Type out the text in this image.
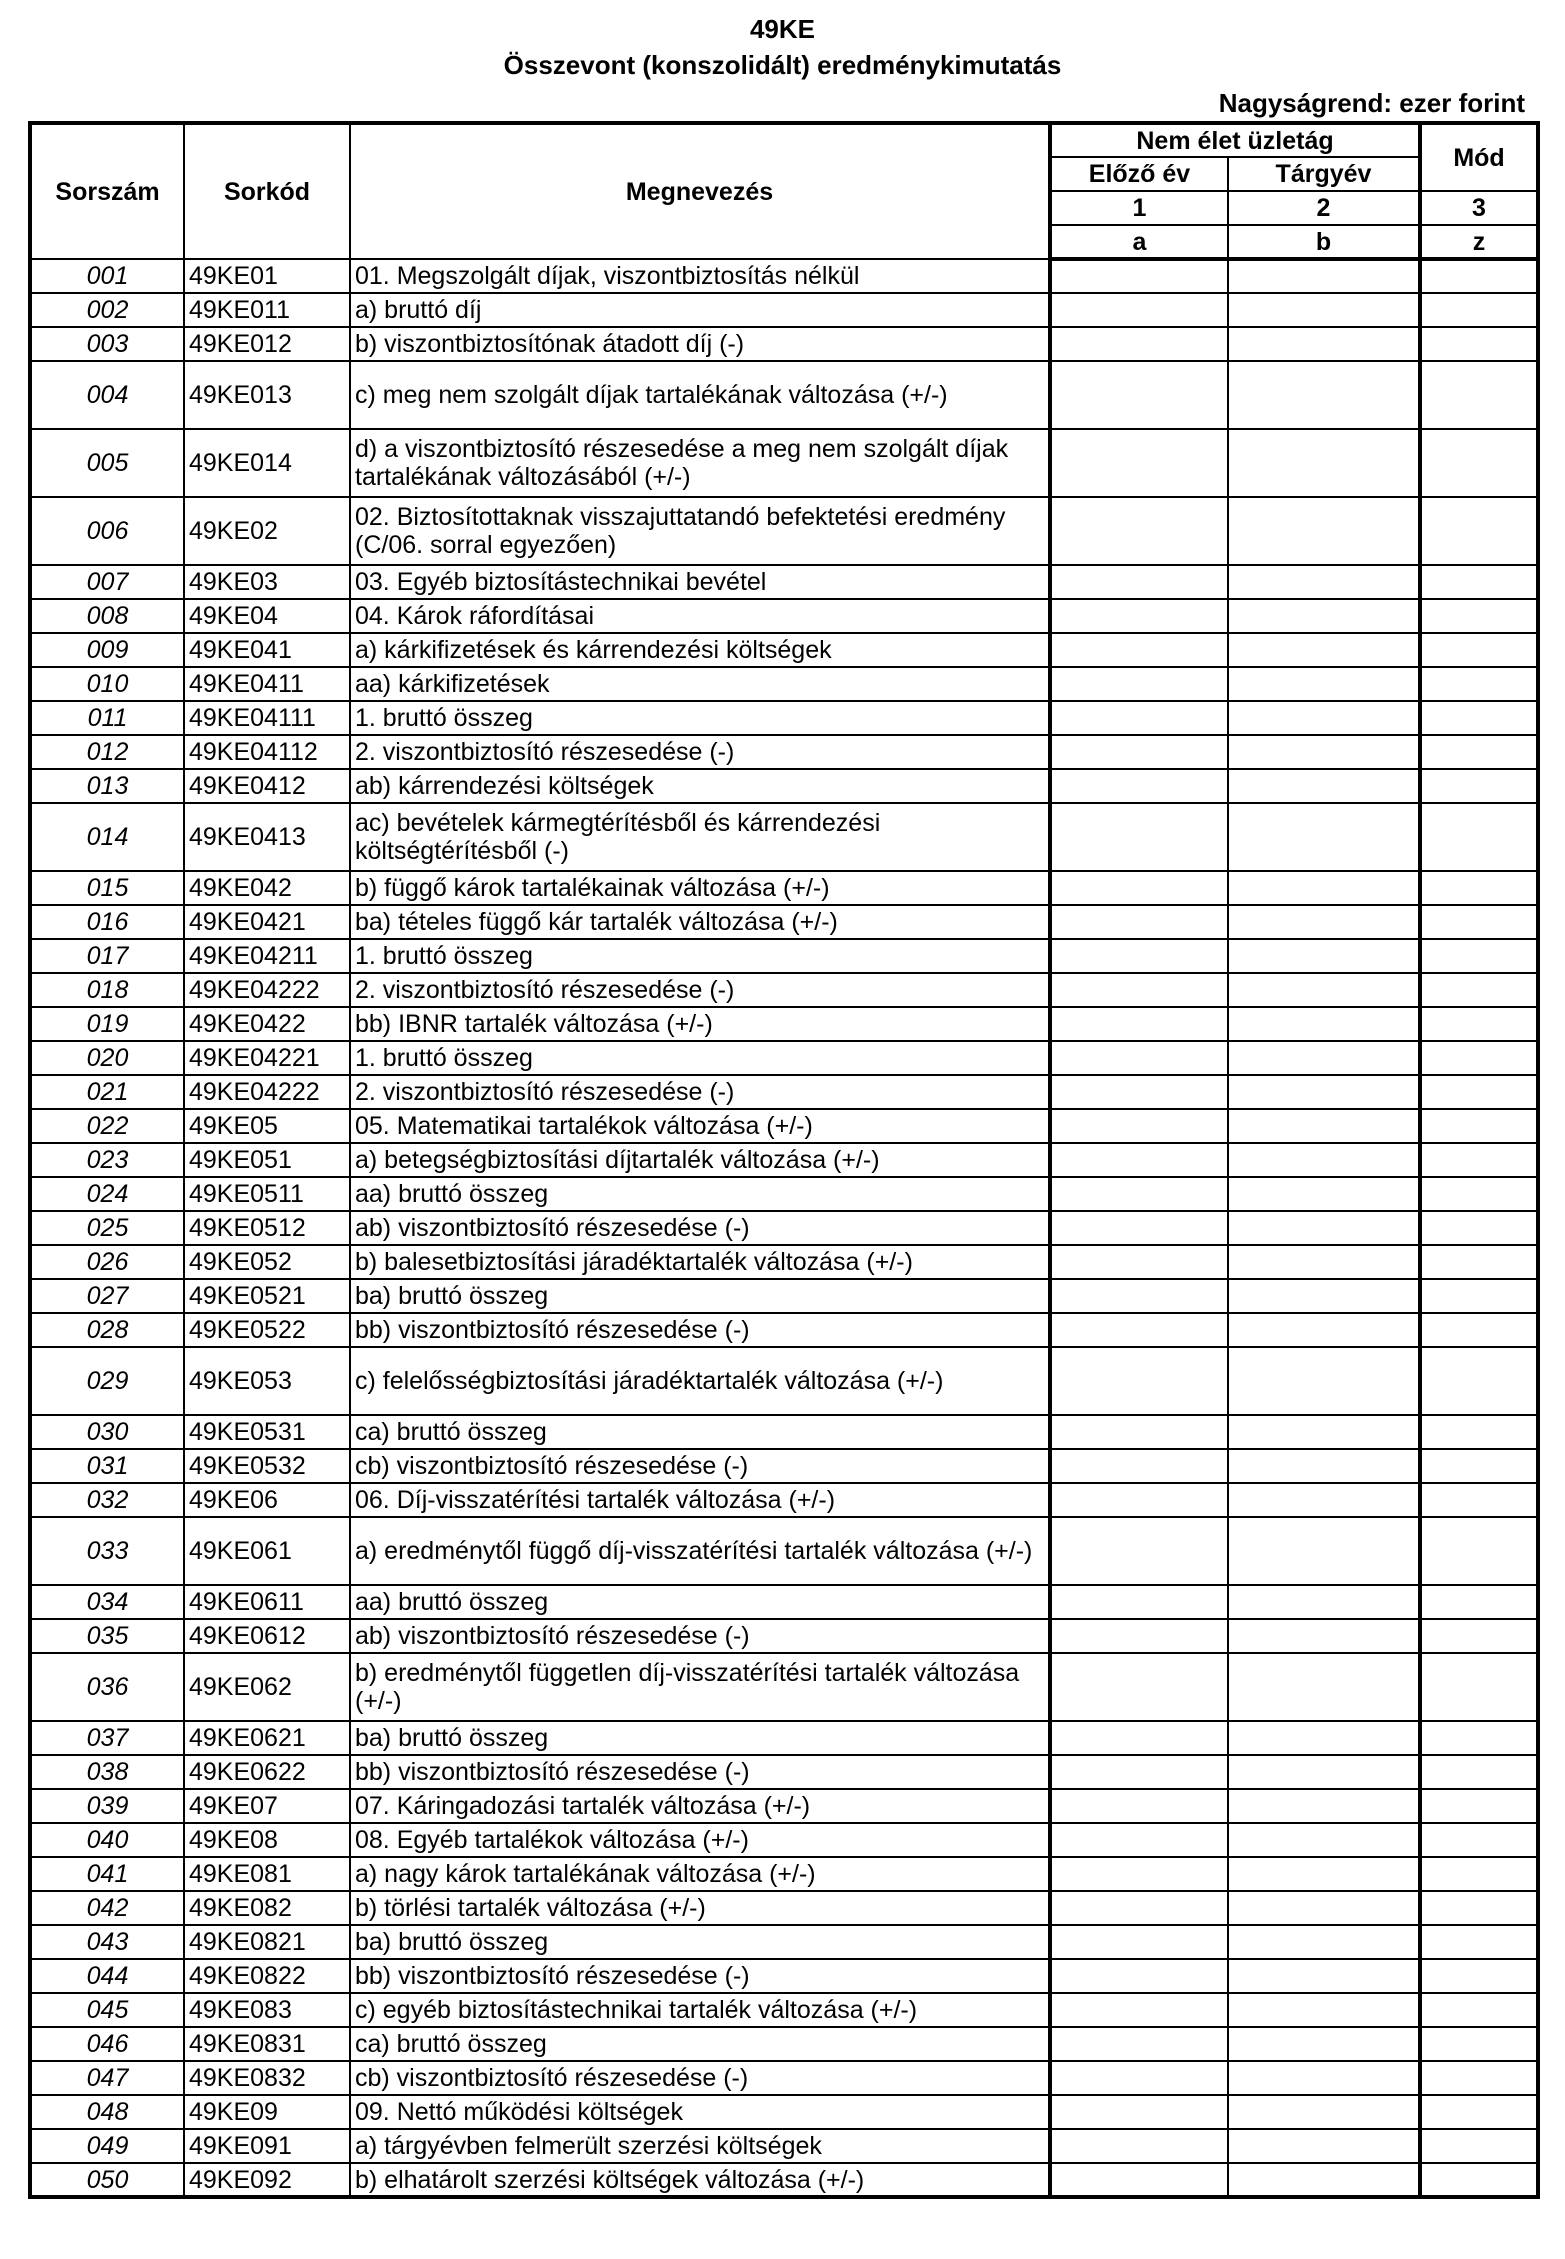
49KE
Összevont (konszolidált) eredménykimutatás
Nagyságrend: ezer forint
Sorszám	Sorkód	Megnevezés	Nem élet üzletág		Mód
			Előző év	Tárgyév	
			1	2	3
			a	b	z
001	49KE01	01. Megszolgált díjak, viszontbiztosítás nélkül			
002	49KE011	a) bruttó díj			
003	49KE012	b) viszontbiztosítónak átadott díj (-)			
004	49KE013	c) meg nem szolgált díjak tartalékának változása (+/-)			
005	49KE014	d) a viszontbiztosító részesedése a meg nem szolgált díjak tartalékának változásából (+/-)			
006	49KE02	02. Biztosítottaknak visszajuttatandó befektetési eredmény (C/06. sorral egyezően)			
007	49KE03	03. Egyéb biztosítástechnikai bevétel			
008	49KE04	04. Károk ráfordításai			
009	49KE041	a) kárkifizetések és kárrendezési költségek			
010	49KE0411	aa) kárkifizetések			
011	49KE04111	1. bruttó összeg			
012	49KE04112	2. viszontbiztosító részesedése (-)			
013	49KE0412	ab) kárrendezési költségek			
014	49KE0413	ac) bevételek kármegtérítésből és kárrendezési költségtérítésből (-)			
015	49KE042	b) függő károk tartalékainak változása (+/-)			
016	49KE0421	ba) tételes függő kár tartalék változása (+/-)			
017	49KE04211	1. bruttó összeg			
018	49KE04222	2. viszontbiztosító részesedése (-)			
019	49KE0422	bb) IBNR tartalék változása (+/-)			
020	49KE04221	1. bruttó összeg			
021	49KE04222	2. viszontbiztosító részesedése (-)			
022	49KE05	05. Matematikai tartalékok változása (+/-)			
023	49KE051	a) betegségbiztosítási díjtartalék változása (+/-)			
024	49KE0511	aa) bruttó összeg			
025	49KE0512	ab) viszontbiztosító részesedése (-)			
026	49KE052	b) balesetbiztosítási járadéktartalék változása (+/-)			
027	49KE0521	ba) bruttó összeg			
028	49KE0522	bb) viszontbiztosító részesedése (-)			
029	49KE053	c) felelősségbiztosítási járadéktartalék változása (+/-)			
030	49KE0531	ca) bruttó összeg			
031	49KE0532	cb) viszontbiztosító részesedése (-)			
032	49KE06	06. Díj-visszatérítési tartalék változása (+/-)			
033	49KE061	a) eredménytől függő díj-visszatérítési tartalék változása (+/-)			
034	49KE0611	aa) bruttó összeg			
035	49KE0612	ab) viszontbiztosító részesedése (-)			
036	49KE062	b) eredménytől független díj-visszatérítési tartalék változása (+/-)			
037	49KE0621	ba) bruttó összeg			
038	49KE0622	bb) viszontbiztosító részesedése (-)			
039	49KE07	07. Káringadozási tartalék változása (+/-)			
040	49KE08	08. Egyéb tartalékok változása (+/-)			
041	49KE081	a) nagy károk tartalékának változása (+/-)			
042	49KE082	b) törlési tartalék változása (+/-)			
043	49KE0821	ba) bruttó összeg			
044	49KE0822	bb) viszontbiztosító részesedése (-)			
045	49KE083	c) egyéb biztosítástechnikai tartalék változása (+/-)			
046	49KE0831	ca) bruttó összeg			
047	49KE0832	cb) viszontbiztosító részesedése (-)			
048	49KE09	09. Nettó működési költségek			
049	49KE091	a) tárgyévben felmerült szerzési költségek			
050	49KE092	b) elhatárolt szerzési költségek változása (+/-)			
